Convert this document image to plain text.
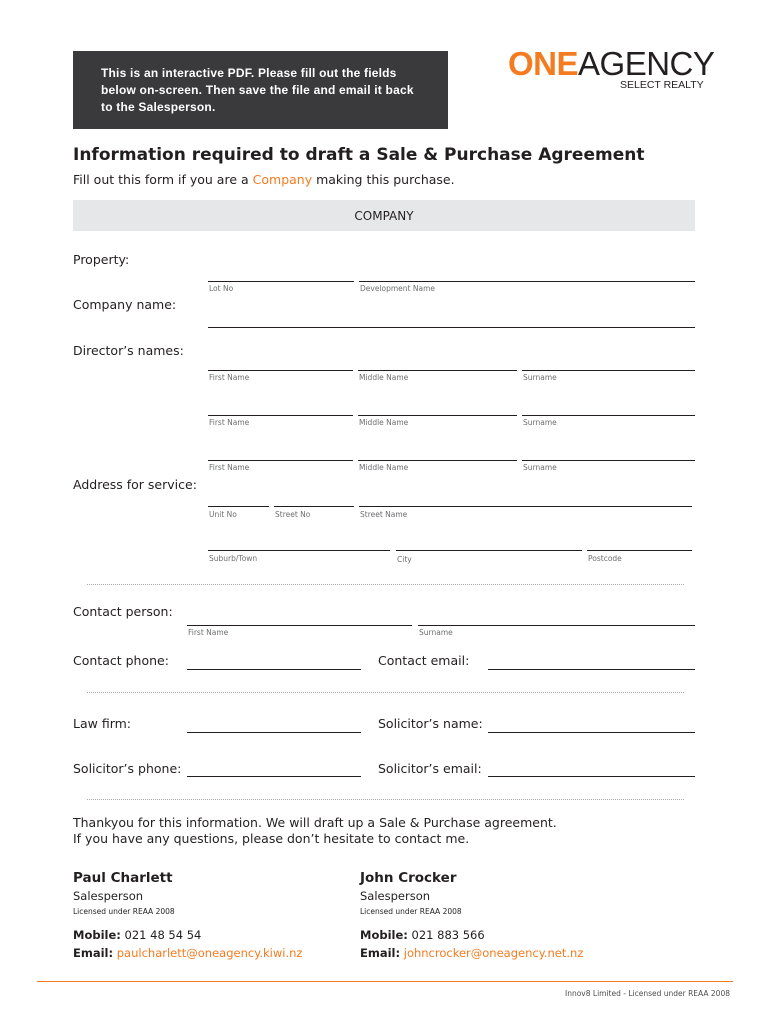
This is an interactive PDF. Please fill out the fields
below on-screen. Then save the file and email it back
to the Salesperson.
ONEAGENCY
SELECT REALTY
Information required to draft a Sale & Purchase Agreement
Fill out this form if you are a Company making this purchase.
COMPANY
Property:
Lot No	Development Name
Company name:
Director’s names:
First Name	Middle Name	Surname
First Name	Middle Name	Surname
First Name	Middle Name	Surname
Address for service:
Unit No	Street No	Street Name
Suburb/Town	City	Postcode
Contact person:
First Name	Surname
Contact phone:	Contact email:
Law firm:	Solicitor’s name:
Solicitor’s phone:	Solicitor’s email:
Thankyou for this information. We will draft up a Sale & Purchase agreement.
If you have any questions, please don’t hesitate to contact me.
Paul Charlett
Salesperson
Licensed under REAA 2008
Mobile: 021 48 54 54
Email: paulcharlett@oneagency.kiwi.nz
John Crocker
Salesperson
Licensed under REAA 2008
Mobile: 021 883 566
Email: johncrocker@oneagency.net.nz
Innov8 Limited - Licensed under REAA 2008
